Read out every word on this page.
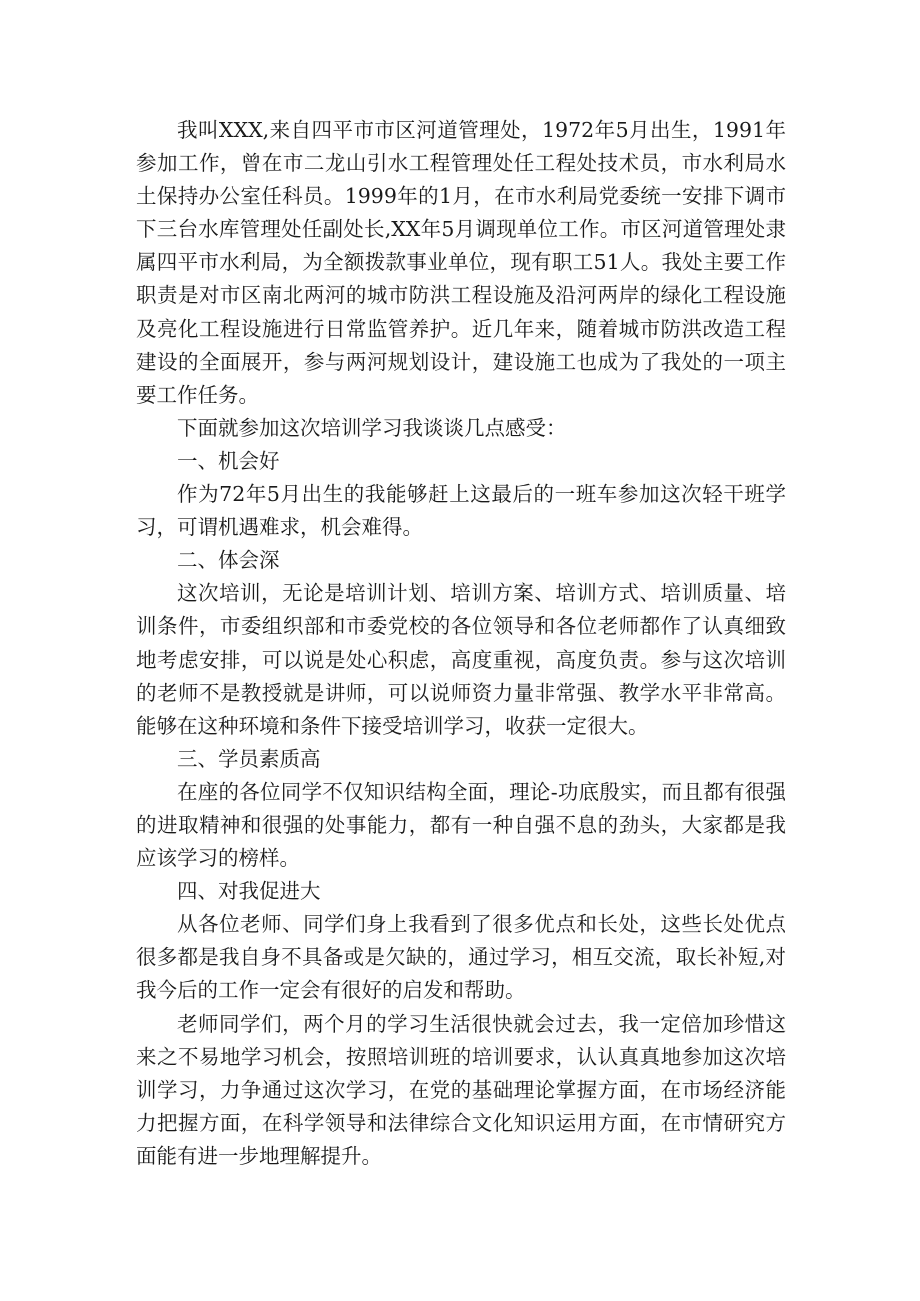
我叫XXX,来自四平市市区河道管理处，1972年5月出生，1991年参加工作，曾在市二龙山引水工程管理处任工程处技术员，市水利局水土保持办公室任科员。1999年的1月，在市水利局党委统一安排下调市下三台水库管理处任副处长,XX年5月调现单位工作。市区河道管理处隶属四平市水利局，为全额拨款事业单位，现有职工51人。我处主要工作职责是对市区南北两河的城市防洪工程设施及沿河两岸的绿化工程设施及亮化工程设施进行日常监管养护。近几年来，随着城市防洪改造工程建设的全面展开，参与两河规划设计，建设施工也成为了我处的一项主要工作任务。

下面就参加这次培训学习我谈谈几点感受：

一、机会好

作为72年5月出生的我能够赶上这最后的一班车参加这次轻干班学习，可谓机遇难求，机会难得。

二、体会深

这次培训，无论是培训计划、培训方案、培训方式、培训质量、培训条件，市委组织部和市委党校的各位领导和各位老师都作了认真细致地考虑安排，可以说是处心积虑，高度重视，高度负责。参与这次培训的老师不是教授就是讲师，可以说师资力量非常强、教学水平非常高。能够在这种环境和条件下接受培训学习，收获一定很大。

三、学员素质高

在座的各位同学不仅知识结构全面，理论-功底殷实，而且都有很强的进取精神和很强的处事能力，都有一种自强不息的劲头，大家都是我应该学习的榜样。

四、对我促进大

从各位老师、同学们身上我看到了很多优点和长处，这些长处优点很多都是我自身不具备或是欠缺的，通过学习，相互交流，取长补短,对我今后的工作一定会有很好的启发和帮助。

老师同学们，两个月的学习生活很快就会过去，我一定倍加珍惜这来之不易地学习机会，按照培训班的培训要求，认认真真地参加这次培训学习，力争通过这次学习，在党的基础理论掌握方面，在市场经济能力把握方面，在科学领导和法律综合文化知识运用方面，在市情研究方面能有进一步地理解提升。
